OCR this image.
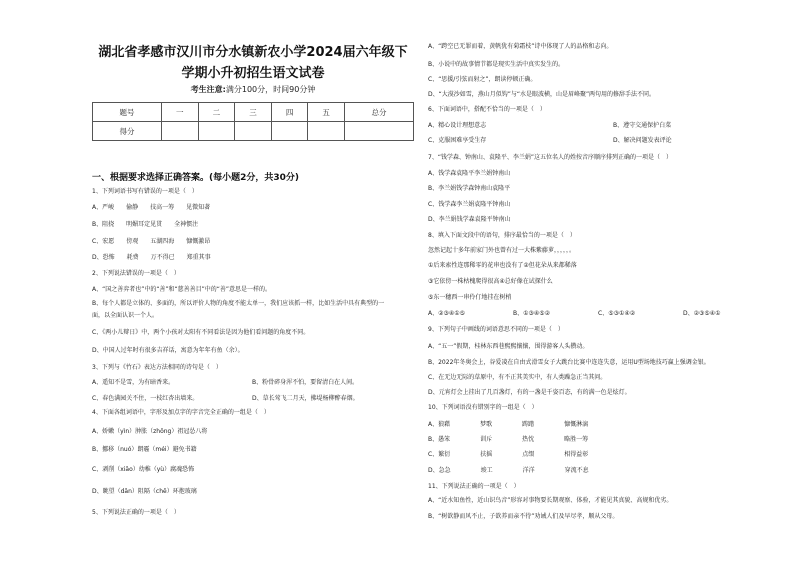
湖北省孝感市汉川市分水镇新农小学2024届六年级下学期小升初招生语文试卷
考生注意:满分100分，时间90分钟
题号	一	二	三	四	五	总分
得分						
一、根据要求选择正确答案。(每小题2分，共30分)
1、下列词语书写有错误的一项是（　）
A、严峻　　偷静　　技高一筹　　见微知著
B、阻挠　　明媚耳定见贯　　全神惯注
C、宏愿　　傍观　　五湖四海　　慷慨激昂
D、恐怖　　耗费　　万不得已　　郑重其事
2、下列说法错误的一项是（　）
A、“国之善弈者也”中的“善”和“慈善善目”中的“善”意思是一样的。
B、每个人都是立体的、多面的，所以评价人物的角度不能太单一，我们应该抓一样，比如生活中具有典型的一
面，以全面认识一个人。
C、《两小儿辩日》中，两个小孩对太阳有不同看法是因为他们看问题的角度不同。
D、中国人过年时有很多吉祥话，寓意为年年有鱼（余）。
3、下列与《竹石》表达方法相同的诗句是（　）
A、遥知不是雪，为有暗香来。	B、粉骨碎身浑不怕，要留清白在人间。
C、春色满园关不住，一枝红杏出墙来。	D、草长莺飞二月天，拂堤杨柳醉春烟。
4、下面各组词语中，字形及加点字的字音完全正确的一组是（　）
A、娇嫩（yìn）肿胀（zhǒng）祖冠怂八将
B、挪移（nuó）朗霾（méi）避免书籍
C、剥削（xiāo）幼稚（yù）腐魂恐怖
D、眺望（dān）阻隔（chē）环抱玻璃
5、下列说法正确的一项是（　）
A、“跨空已无罪而着，黄帆犹有菊霜枝”诗中体现了人的品格和志向。
B、小说中的故事情节都是现实生活中真实发生的。
C、“思援/引弦而射之”，朗读停顿正确。
D、“大漠沙如雪，燕山月似钩”与“水是眼波横，山是眉峰聚”两句用的修辞手法不同。
6、下面词语中，搭配不恰当的一项是（　）
A、精心设计理想意志	B、遵守交通保护白菜
C、克服困难享受生存	D、解决问题发表评论
7、“钱学森、钟南山、袁隆平、李兰娟”这五位名人的姓按音序顺序排列正确的一项是（　）
A、钱学森袁隆平李兰娟钟南山
B、李兰娟钱学森钟南山袁隆平
C、钱学森李兰娟袁隆平钟南山
D、李兰娟钱学森袁隆平钟南山
8、填入下面文段中的语句，排序最恰当的一项是（　）
忽然记起十多年前家门外也曾有过一大株紫藤萝，，，，，。
①后来索性连那稀零的花串也没有了②但花朵从来都稀落
③它依傍一株枯槐爬得很高④总好像在试探什么
⑤东一穗西一串伶仃地挂在树梢
A、②③④①⑤	B、①③④⑤②	C、⑤③①④②	D、②③⑤④①
9、下列句子中画线的词语意思不同的一项是（　）
A、“五一”假期，桂林东西巷熙熙攘攘，围得游客人头攒动。
B、2022年冬奥会上，谷爱凌在自由式滑雪女子大跳台比赛中连连失意，运用U型场地技巧赢上强调金银。
C、在无边无际的草原中，有不正其美实中，有人类躁急正当其问。
D、元宵灯会上挂出了几百盏灯，有的一盏是千姿百态，有的满一色是炫灯。
10、下列词语没有错别字的一组是（　）
A、狼藉　　　　　梦歌　　　　　踌躇　　　　　慷慨淋漓
B、愚笨　　　　　训斥　　　　　热忱　　　　　略胜一筹
C、繁衍　　　　　扶摇　　　　　点缀　　　　　相得益彰
D、急急　　　　　竣工　　　　　洋洋　　　　　穿流不息
11、下列说法正确的一项是（　）
A、“近水知鱼性，近山识鸟音”形容对事物要长期观察、体验，才能见其真貌、高规和优劣。
B、“树欲静而风不止，子欲养而亲不待”劝诫人们及早尽孝，顺从父母。
